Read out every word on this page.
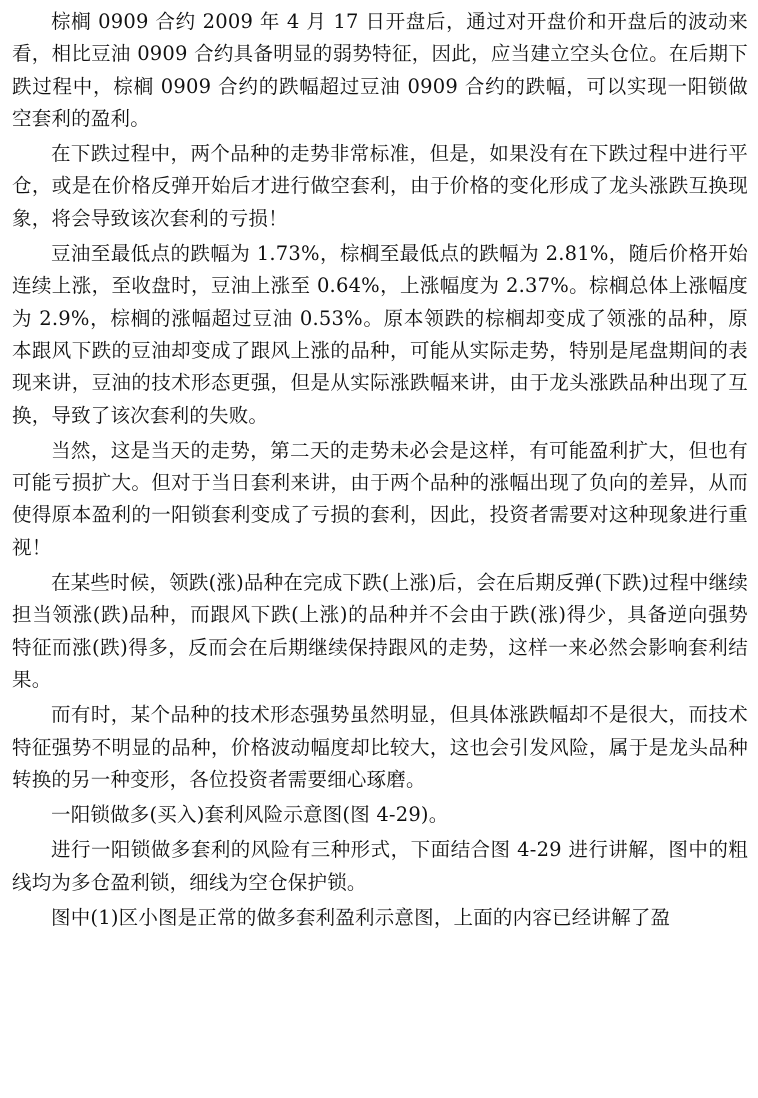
棕榈 0909 合约 2009 年 4 月 17 日开盘后，通过对开盘价和开盘后的波动来看，相比豆油 0909 合约具备明显的弱势特征，因此，应当建立空头仓位。在后期下跌过程中，棕榈 0909 合约的跌幅超过豆油 0909 合约的跌幅，可以实现一阳锁做空套利的盈利。

在下跌过程中，两个品种的走势非常标准，但是，如果没有在下跌过程中进行平仓，或是在价格反弹开始后才进行做空套利，由于价格的变化形成了龙头涨跌互换现象，将会导致该次套利的亏损！

豆油至最低点的跌幅为 1.73%，棕榈至最低点的跌幅为 2.81%，随后价格开始连续上涨，至收盘时，豆油上涨至 0.64%，上涨幅度为 2.37%。棕榈总体上涨幅度为 2.9%，棕榈的涨幅超过豆油 0.53%。原本领跌的棕榈却变成了领涨的品种，原本跟风下跌的豆油却变成了跟风上涨的品种，可能从实际走势，特别是尾盘期间的表现来讲，豆油的技术形态更强，但是从实际涨跌幅来讲，由于龙头涨跌品种出现了互换，导致了该次套利的失败。

当然，这是当天的走势，第二天的走势未必会是这样，有可能盈利扩大，但也有可能亏损扩大。但对于当日套利来讲，由于两个品种的涨幅出现了负向的差异，从而使得原本盈利的一阳锁套利变成了亏损的套利，因此，投资者需要对这种现象进行重视！

在某些时候，领跌(涨)品种在完成下跌(上涨)后，会在后期反弹(下跌)过程中继续担当领涨(跌)品种，而跟风下跌(上涨)的品种并不会由于跌(涨)得少，具备逆向强势特征而涨(跌)得多，反而会在后期继续保持跟风的走势，这样一来必然会影响套利结果。

而有时，某个品种的技术形态强势虽然明显，但具体涨跌幅却不是很大，而技术特征强势不明显的品种，价格波动幅度却比较大，这也会引发风险，属于是龙头品种转换的另一种变形，各位投资者需要细心琢磨。

一阳锁做多(买入)套利风险示意图(图 4-29)。

进行一阳锁做多套利的风险有三种形式，下面结合图 4-29 进行讲解，图中的粗线均为多仓盈利锁，细线为空仓保护锁。

图中(1)区小图是正常的做多套利盈利示意图，上面的内容已经讲解了盈
